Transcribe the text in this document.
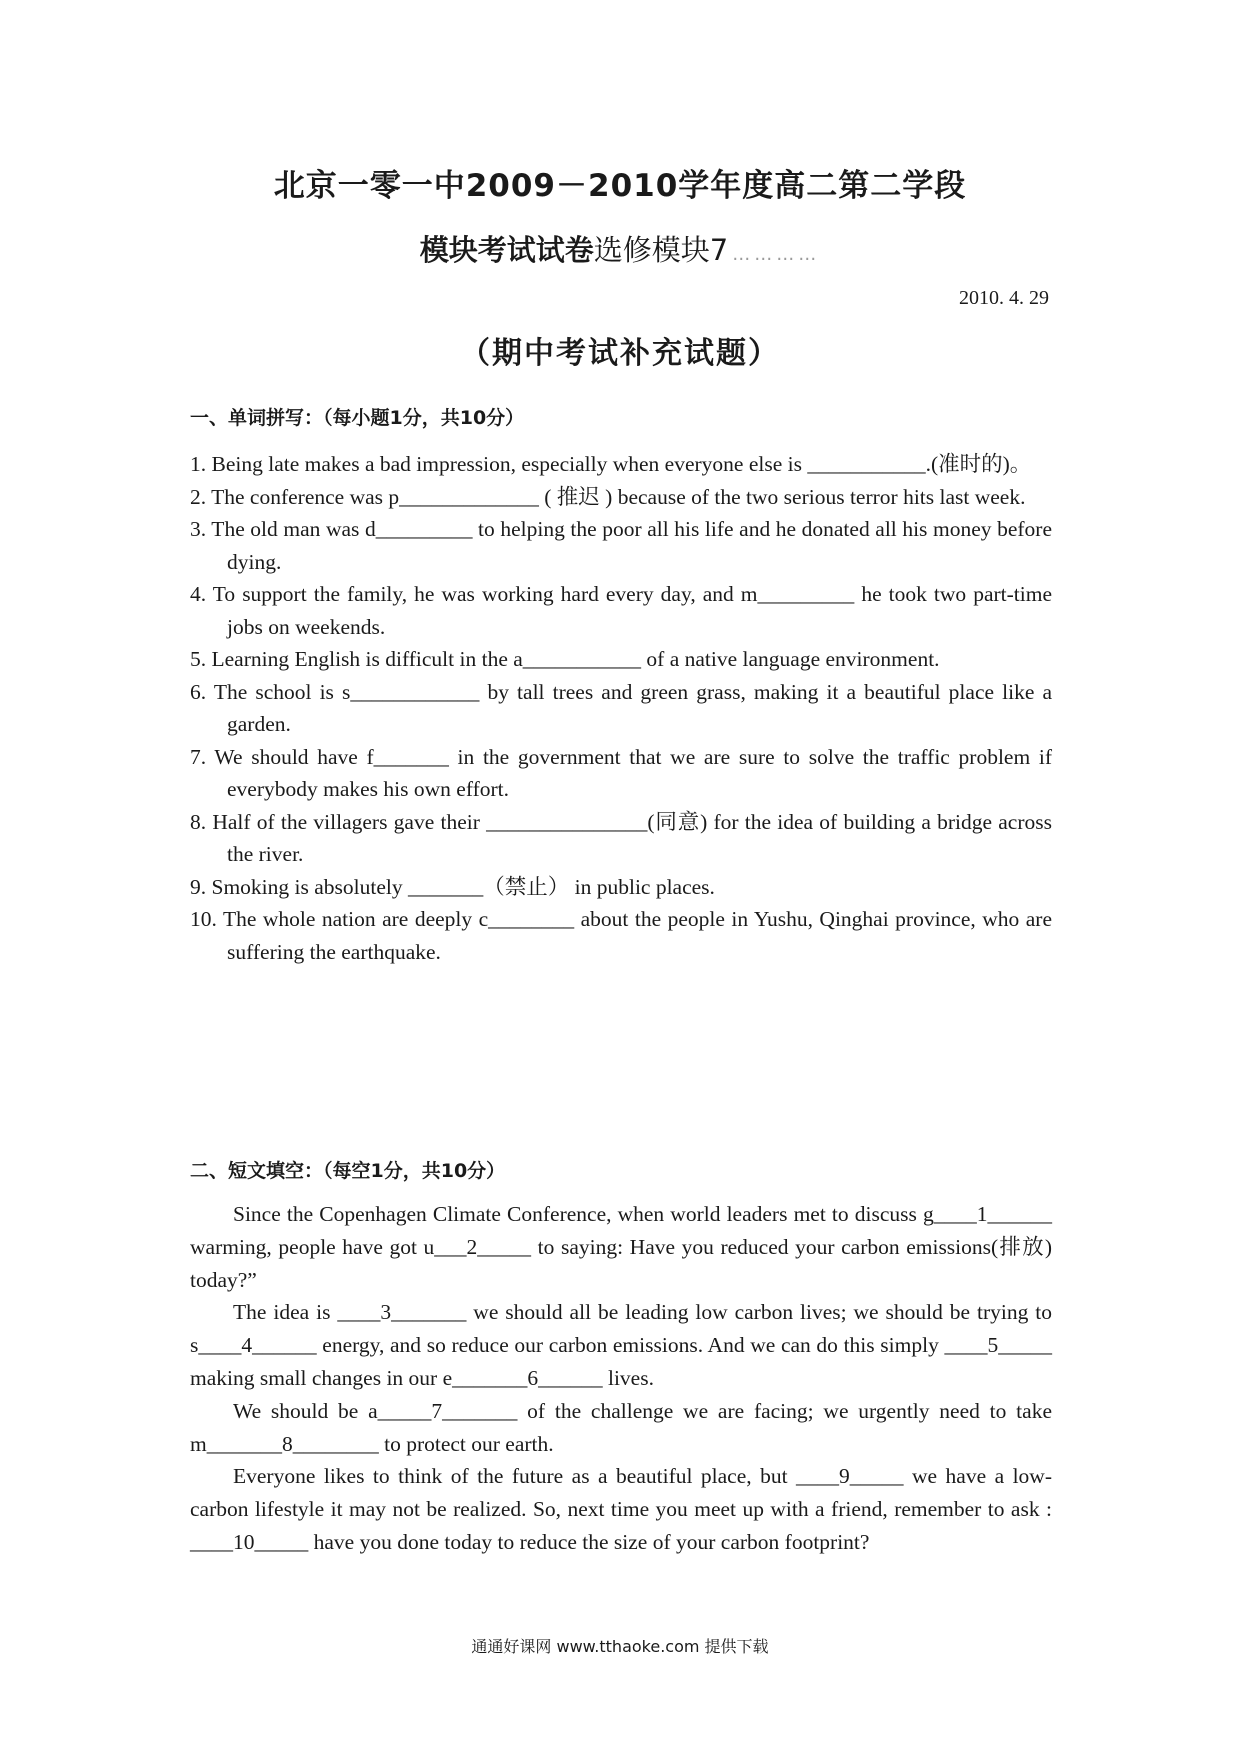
北京一零一中2009－2010学年度高二第二学段
模块考试试卷选修模块7 …………
2010. 4. 29
（期中考试补充试题）
一、单词拼写：（每小题1分，共10分）
1. Being late makes a bad impression, especially when everyone else is ___________.(准时的)。
2. The conference was p_____________ ( 推迟 ) because of the two serious terror hits last week.
3. The old man was d_________ to helping the poor all his life and he donated all his money before dying.
4. To support the family, he was working hard every day, and m_________ he took two part-time jobs on weekends.
5. Learning English is difficult in the a___________ of a native language environment.
6. The school is s____________ by tall trees and green grass, making it a beautiful place like a garden.
7. We should have f_______ in the government that we are sure to solve the traffic problem if everybody makes his own effort.
8. Half of the villagers gave their _______________(同意) for the idea of building a bridge across the river.
9. Smoking is absolutely _______（禁止） in public places.
10. The whole nation are deeply c________ about the people in Yushu, Qinghai province, who are suffering the earthquake.
二、短文填空：（每空1分，共10分）

Since the Copenhagen Climate Conference, when world leaders met to discuss g____1______ warming, people have got u___2_____ to saying: Have you reduced your carbon emissions(排放) today?”

The idea is ____3_______ we should all be leading low carbon lives; we should be trying to s____4______ energy, and so reduce our carbon emissions. And we can do this simply ____5_____ making small changes in our e_______6______ lives.

We should be a_____7_______ of the challenge we are facing; we urgently need to take m_______8________ to protect our earth.

Everyone likes to think of the future as a beautiful place, but ____9_____ we have a low-carbon lifestyle it may not be realized. So, next time you meet up with a friend, remember to ask : ____10_____ have you done today to reduce the size of your carbon footprint?

通通好课网 www.tthaoke.com 提供下载
